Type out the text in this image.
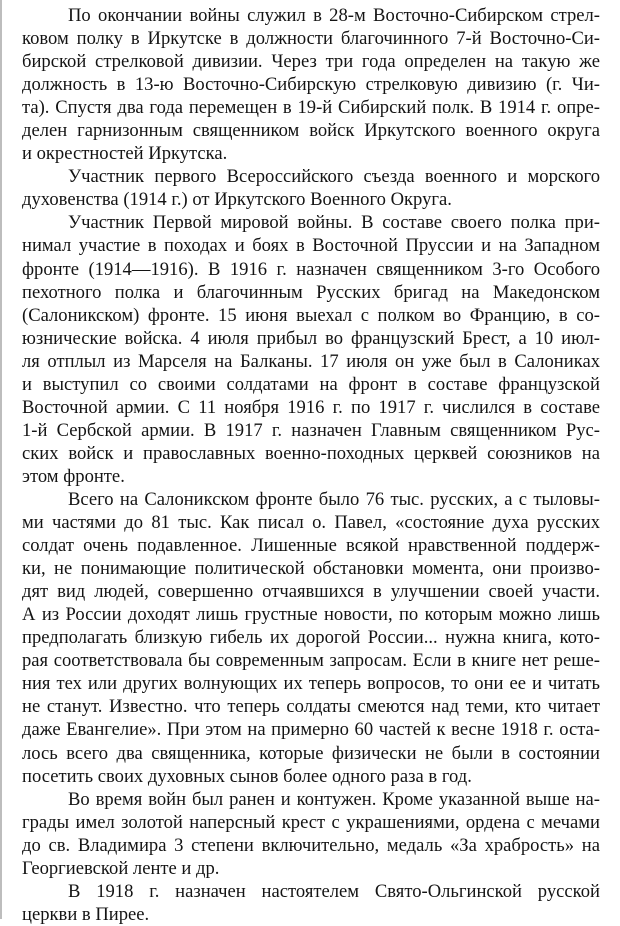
По окончании войны служил в 28-м Восточно-Сибирском стрел-
ковом полку в Иркутске в должности благочинного 7-й Восточно-Си-
бирской стрелковой дивизии. Через три года определен на такую же
должность в 13-ю Восточно-Сибирскую стрелковую дивизию (г. Чи-
та). Спустя два года перемещен в 19-й Сибирский полк. В 1914 г. опре-
делен гарнизонным священником войск Иркутского военного округа
и окрестностей Иркутска.
Участник первого Всероссийского съезда военного и морского
духовенства (1914 г.) от Иркутского Военного Округа.
Участник Первой мировой войны. В составе своего полка при-
нимал участие в походах и боях в Восточной Пруссии и на Западном
фронте (1914—1916). В 1916 г. назначен священником 3-го Особого
пехотного полка и благочинным Русских бригад на Македонском
(Салоникском) фронте. 15 июня выехал с полком во Францию, в со-
юзнические войска. 4 июля прибыл во французский Брест, а 10 июл-
ля отплыл из Марселя на Балканы. 17 июля он уже был в Салониках
и выступил со своими солдатами на фронт в составе французской
Восточной армии. С 11 ноября 1916 г. по 1917 г. числился в составе
1-й Сербской армии. В 1917 г. назначен Главным священником Рус-
ских войск и православных военно-походных церквей союзников на
этом фронте.
Всего на Салоникском фронте было 76 тыс. русских, а с тыловы-
ми частями до 81 тыс. Как писал о. Павел, «состояние духа русских
солдат очень подавленное. Лишенные всякой нравственной поддерж-
ки, не понимающие политической обстановки момента, они произво-
дят вид людей, совершенно отчаявшихся в улучшении своей участи.
А из России доходят лишь грустные новости, по которым можно лишь
предполагать близкую гибель их дорогой России... нужна книга, кото-
рая соответствовала бы современным запросам. Если в книге нет реше-
ния тех или других волнующих их теперь вопросов, то они ее и читать
не станут. Известно. что теперь солдаты смеются над теми, кто читает
даже Евангелие». При этом на примерно 60 частей к весне 1918 г. оста-
лось всего два священника, которые физически не были в состоянии
посетить своих духовных сынов более одного раза в год.
Во время войн был ранен и контужен. Кроме указанной выше на-
грады имел золотой наперсный крест с украшениями, ордена с мечами
до св. Владимира 3 степени включительно, медаль «За храбрость» на
Георгиевской ленте и др.
В 1918 г. назначен настоятелем Свято-Ольгинской русской
церкви в Пирее.
